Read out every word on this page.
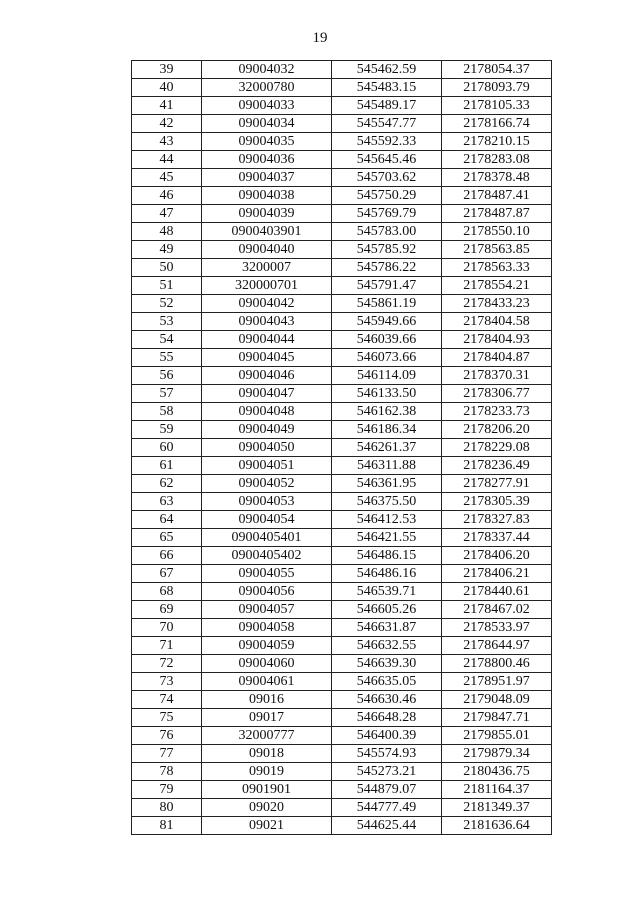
19
39	09004032	545462.59	2178054.37
40	32000780	545483.15	2178093.79
41	09004033	545489.17	2178105.33
42	09004034	545547.77	2178166.74
43	09004035	545592.33	2178210.15
44	09004036	545645.46	2178283.08
45	09004037	545703.62	2178378.48
46	09004038	545750.29	2178487.41
47	09004039	545769.79	2178487.87
48	0900403901	545783.00	2178550.10
49	09004040	545785.92	2178563.85
50	3200007	545786.22	2178563.33
51	320000701	545791.47	2178554.21
52	09004042	545861.19	2178433.23
53	09004043	545949.66	2178404.58
54	09004044	546039.66	2178404.93
55	09004045	546073.66	2178404.87
56	09004046	546114.09	2178370.31
57	09004047	546133.50	2178306.77
58	09004048	546162.38	2178233.73
59	09004049	546186.34	2178206.20
60	09004050	546261.37	2178229.08
61	09004051	546311.88	2178236.49
62	09004052	546361.95	2178277.91
63	09004053	546375.50	2178305.39
64	09004054	546412.53	2178327.83
65	0900405401	546421.55	2178337.44
66	0900405402	546486.15	2178406.20
67	09004055	546486.16	2178406.21
68	09004056	546539.71	2178440.61
69	09004057	546605.26	2178467.02
70	09004058	546631.87	2178533.97
71	09004059	546632.55	2178644.97
72	09004060	546639.30	2178800.46
73	09004061	546635.05	2178951.97
74	09016	546630.46	2179048.09
75	09017	546648.28	2179847.71
76	32000777	546400.39	2179855.01
77	09018	545574.93	2179879.34
78	09019	545273.21	2180436.75
79	0901901	544879.07	2181164.37
80	09020	544777.49	2181349.37
81	09021	544625.44	2181636.64
